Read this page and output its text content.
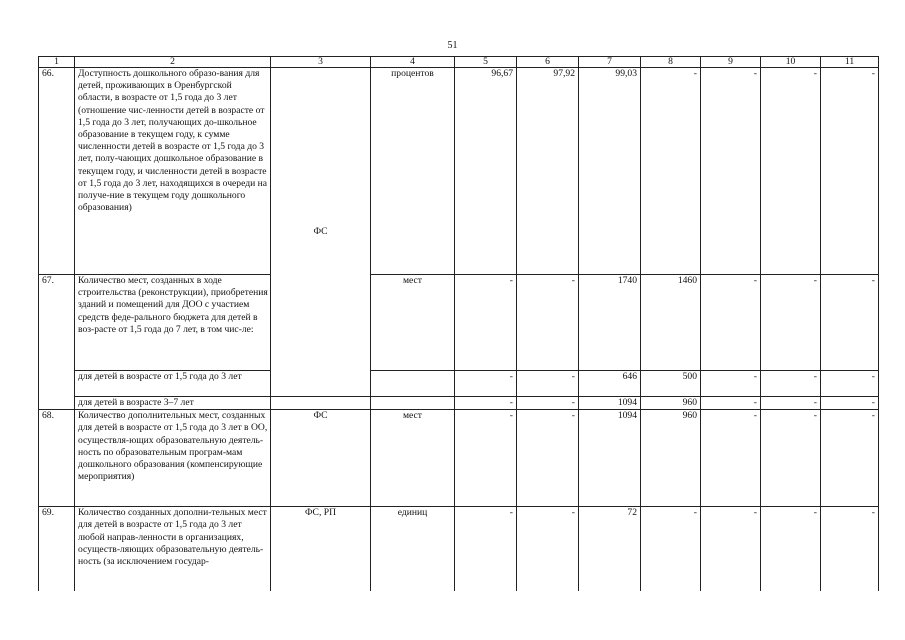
51
1	2	3	4	5	6	7	8	9	10	11
66.	Доступность дошкольного образо-вания для детей, проживающих в Оренбургской области, в возрасте от 1,5 года до 3 лет (отношение чис-ленности детей в возрасте от 1,5 года до 3 лет, получающих до-школьное образование в текущем году, к сумме численности детей в возрасте от 1,5 года до 3 лет, полу-чающих дошкольное образование в текущем году, и численности детей в возрасте от 1,5 года до 3 лет, находящихся в очереди на получе-ние в текущем году дошкольного образования)	ФС	процентов	96,67	97,92	99,03	-	-	-	-
67.	Количество мест, созданных в ходе строительства (реконструкции), приобретения зданий и помещений для ДОО с участием средств феде-рального бюджета для детей в воз-расте от 1,5 года до 7 лет, в том чис-ле:		мест	-	-	1740	1460	-	-	-
	для детей в возрасте от 1,5 года до 3 лет			-	-	646	500	-	-	-
	для детей в возрасте 3–7 лет			-	-	1094	960	-	-	-
68.	Количество дополнительных мест, созданных для детей в возрасте от 1,5 года до 3 лет в ОО, осуществля-ющих образовательную деятель-ность по образовательным програм-мам дошкольного образования (компенсирующие мероприятия)	ФС	мест	-	-	1094	960	-	-	-
69.	Количество созданных дополни-тельных мест для детей в возрасте от 1,5 года до 3 лет любой направ-ленности в организациях, осуществ-ляющих образовательную деятель-ность (за исключением государ-	ФС, РП	единиц	-	-	72	-	-	-	-
